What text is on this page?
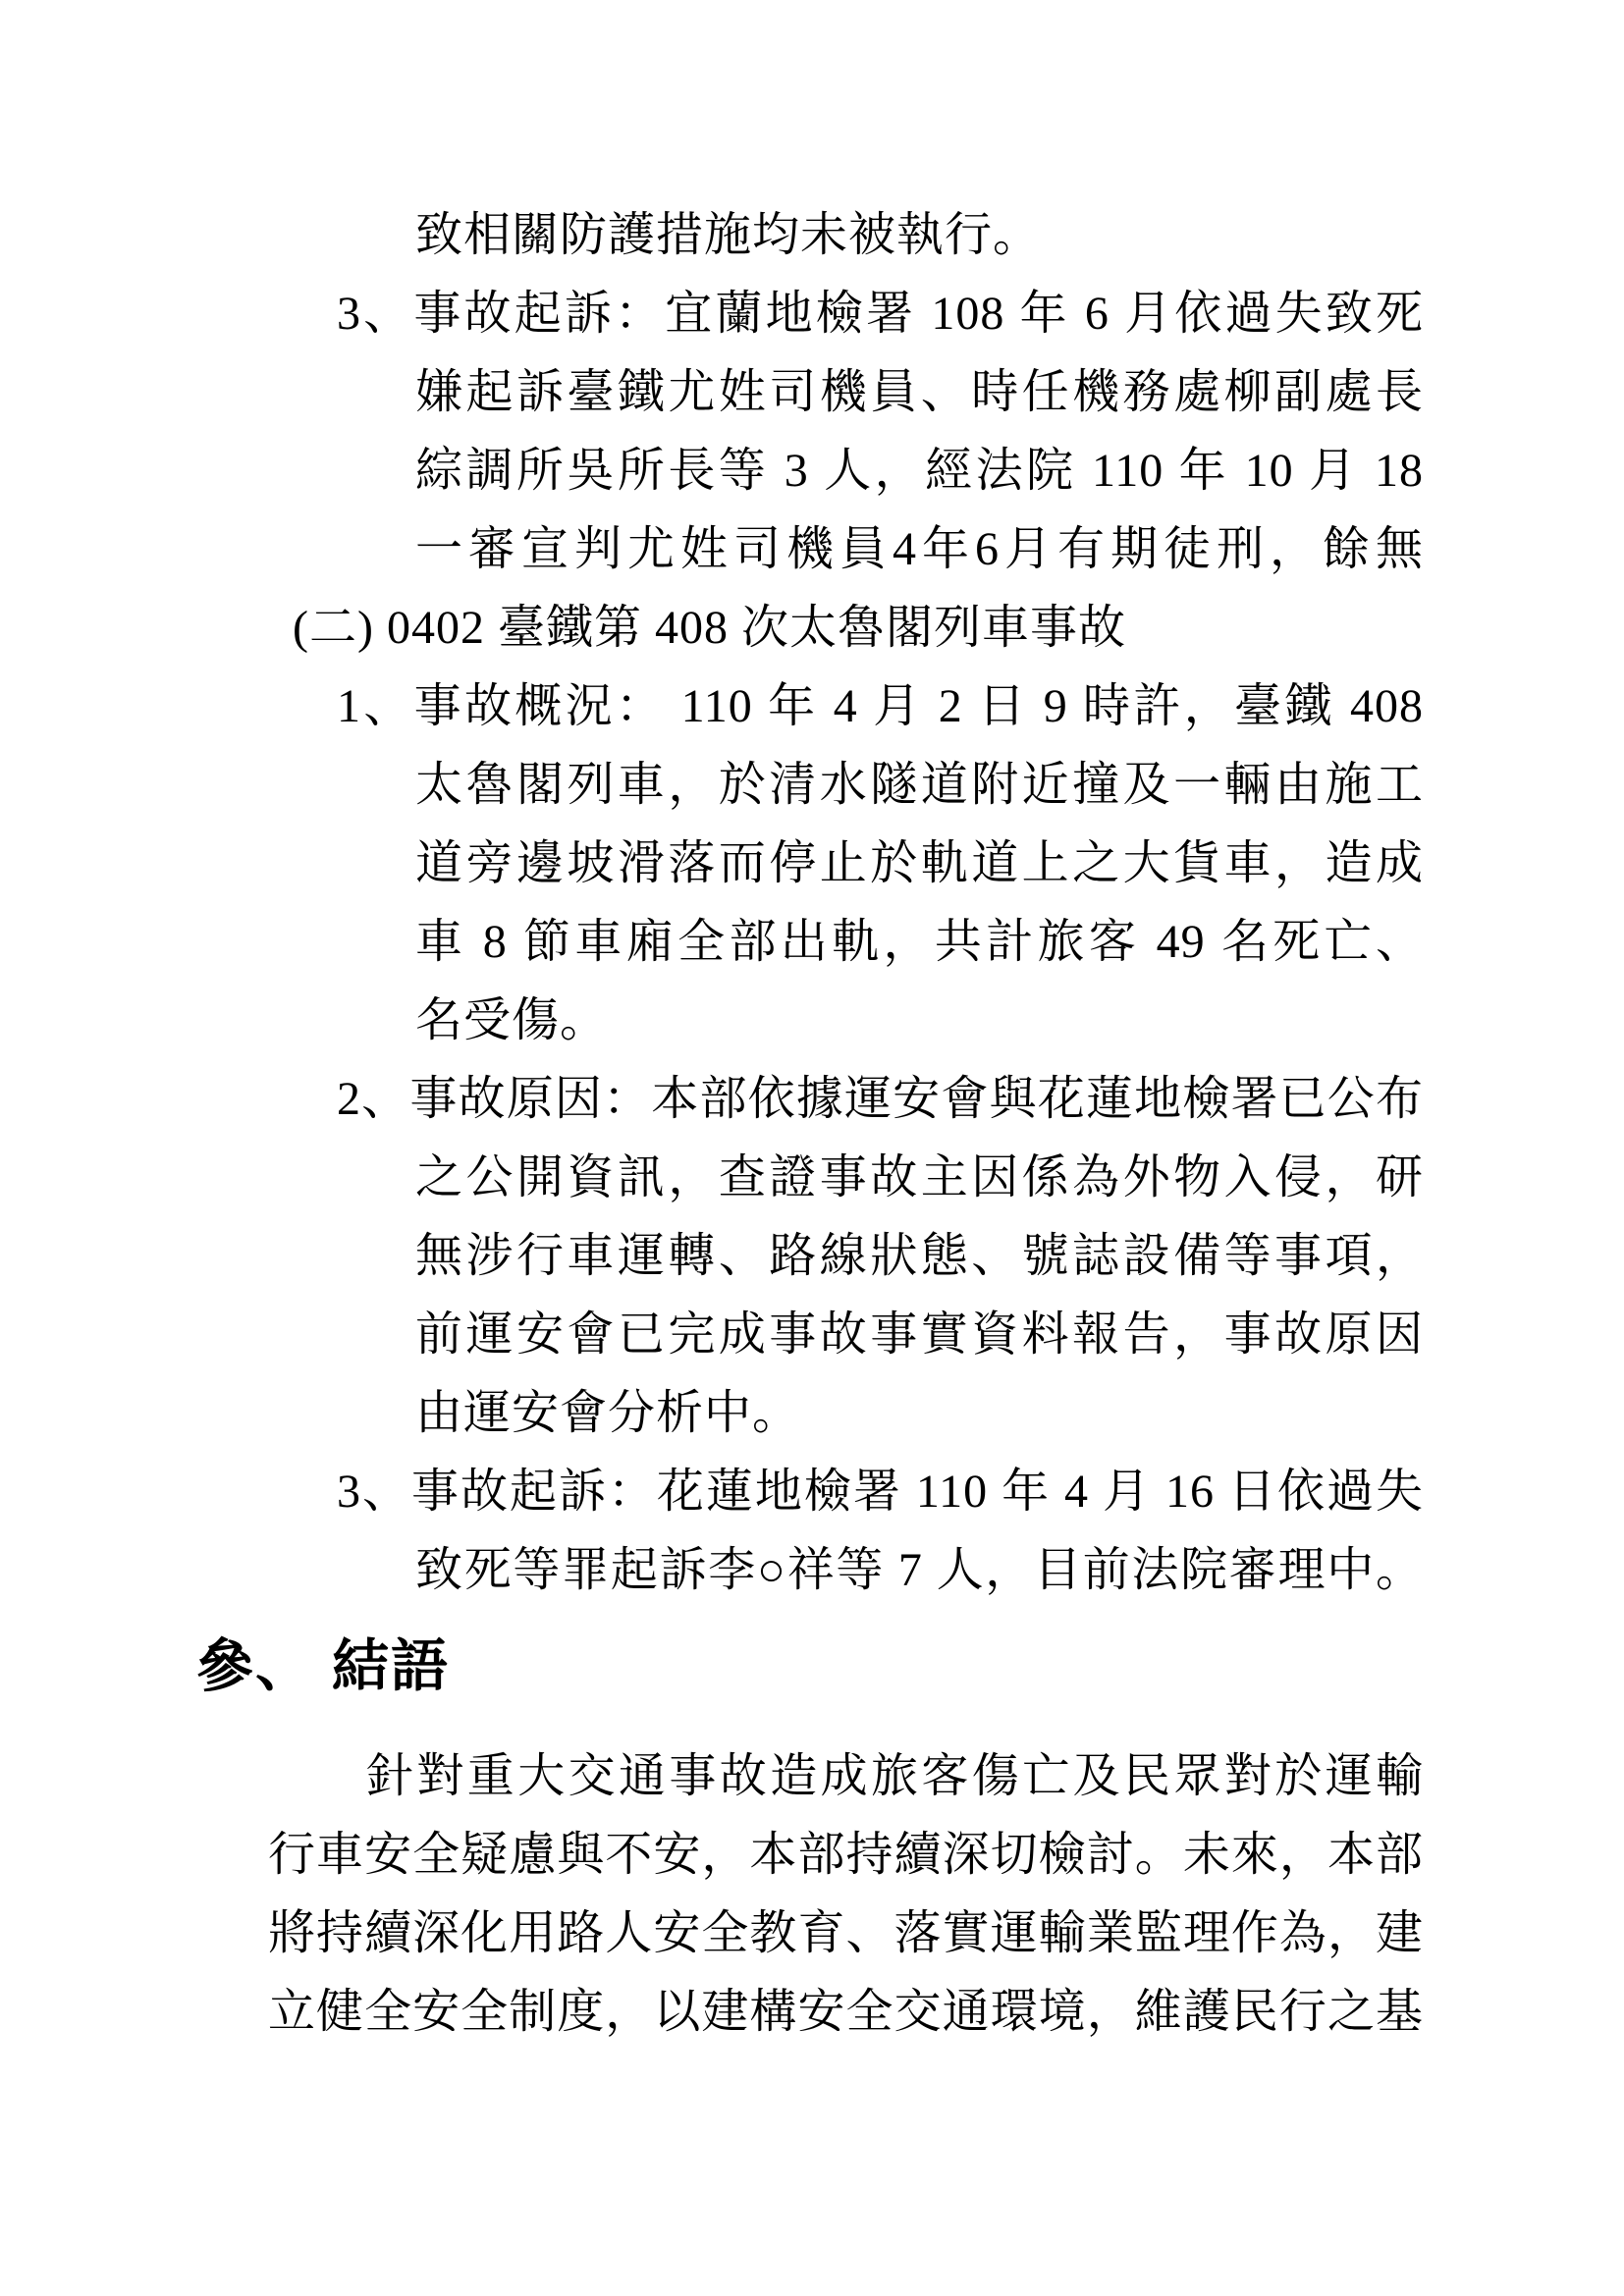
致相關防護措施均未被執行。
3、事故起訴：宜蘭地檢署 108 年 6 月依過失致死
嫌起訴臺鐵尤姓司機員、時任機務處柳副處長
綜調所吳所長等 3 人，經法院 110 年 10 月 18
一審宣判尤姓司機員4年6月有期徒刑，餘無
(二) 0402 臺鐵第 408 次太魯閣列車事故
1、事故概況： 110 年 4 月 2 日 9 時許，臺鐵 408
太魯閣列車，於清水隧道附近撞及一輛由施工
道旁邊坡滑落而停止於軌道上之大貨車，造成
車 8 節車廂全部出軌，共計旅客 49 名死亡、
名受傷。
2、事故原因：本部依據運安會與花蓮地檢署已公布
之公開資訊，查證事故主因係為外物入侵，研
無涉行車運轉、路線狀態、號誌設備等事項，
前運安會已完成事故事實資料報告，事故原因
由運安會分析中。
3、事故起訴：花蓮地檢署 110 年 4 月 16 日依過失
致死等罪起訴李○祥等 7 人，目前法院審理中。
參、 結語
針對重大交通事故造成旅客傷亡及民眾對於運輸
行車安全疑慮與不安，本部持續深切檢討。未來，本部
將持續深化用路人安全教育、落實運輸業監理作為，建
立健全安全制度，以建構安全交通環境，維護民行之基
